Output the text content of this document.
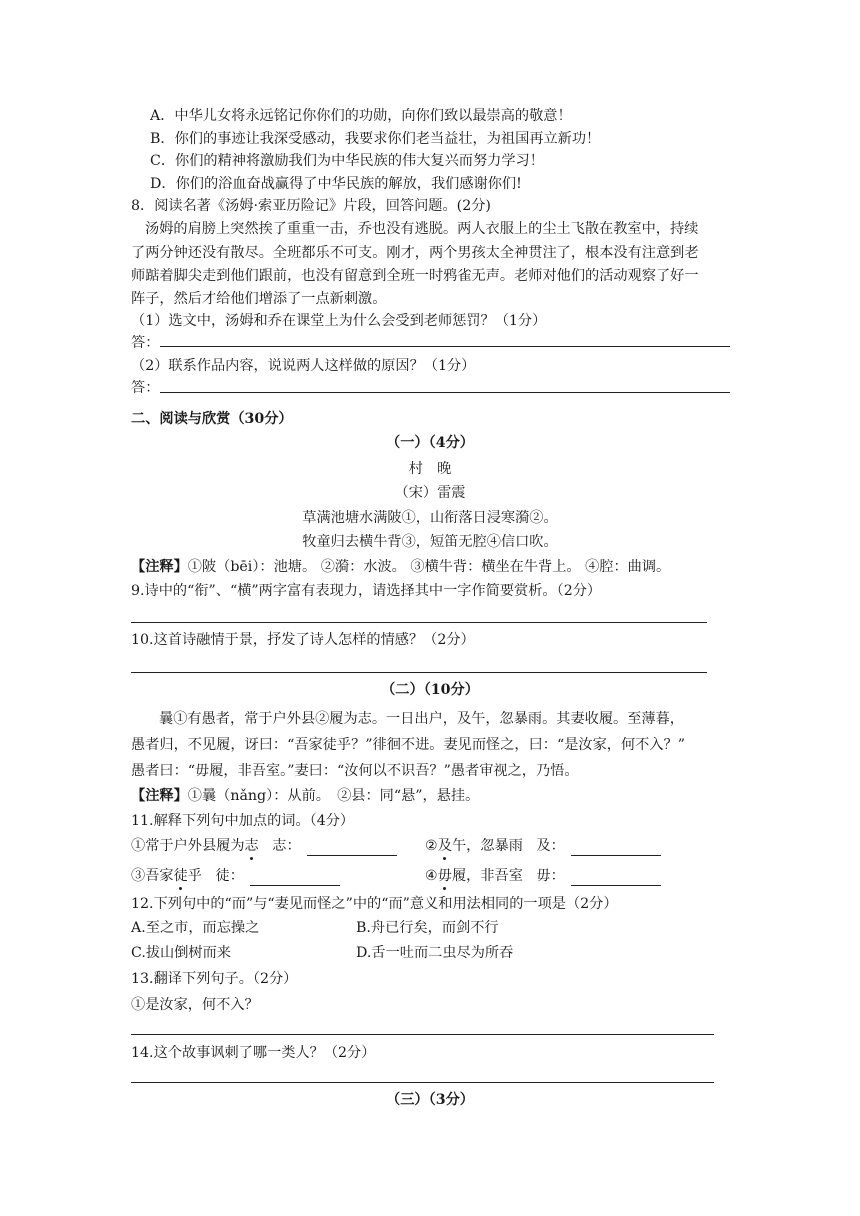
A．中华儿女将永远铭记你你们的功勋，向你们致以最崇高的敬意！
B．你们的事迹让我深受感动，我要求你们老当益壮，为祖国再立新功！
C．你们的精神将激励我们为中华民族的伟大复兴而努力学习！
D．你们的浴血奋战赢得了中华民族的解放，我们感谢你们!
8．阅读名著《汤姆·索亚历险记》片段，回答问题。(2分)
汤姆的肩膀上突然挨了重重一击，乔也没有逃脱。两人衣服上的尘土飞散在教室中，持续
了两分钟还没有散尽。全班都乐不可支。刚才，两个男孩太全神贯注了，根本没有注意到老
师踮着脚尖走到他们跟前，也没有留意到全班一时鸦雀无声。老师对他们的活动观察了好一
阵子，然后才给他们增添了一点新刺激。
（1）选文中，汤姆和乔在课堂上为什么会受到老师惩罚？（1分）
答：
（2）联系作品内容，说说两人这样做的原因？（1分）
答：
二、阅读与欣赏（30分）
（一）（4分）
村　晚
（宋）雷震
草满池塘水满陂①，山衔落日浸寒漪②。
牧童归去横牛背③，短笛无腔④信口吹。
【注释】①陂（bēi）：池塘。 ②漪：水波。 ③横牛背：横坐在牛背上。 ④腔：曲调。
9.诗中的“衔”、“横”两字富有表现力，请选择其中一字作简要赏析。（2分）
10.这首诗融情于景，抒发了诗人怎样的情感？（2分）
（二）（10分）
曩①有愚者，常于户外县②履为志。一日出户，及午，忽暴雨。其妻收履。至薄暮，
愚者归，不见履，讶曰：“吾家徒乎？”徘徊不进。妻见而怪之，曰：“是汝家，何不入？”
愚者曰：“毋履，非吾室。”妻曰：“汝何以不识吾？”愚者审视之，乃悟。
【注释】①曩（nǎng）：从前。　②县：同“悬”，悬挂。
11.解释下列句中加点的词。（4分）
①常于户外县履为志 志：	②及午，忽暴雨 及：
③吾家徒乎 徒：	④毋履，非吾室 毋：
12.下列句中的“而”与“妻见而怪之”中的“而”意义和用法相同的一项是（2分）
A.至之市，而忘操之	B.舟已行矣，而剑不行
C.拔山倒树而来	D.舌一吐而二虫尽为所吞
13.翻译下列句子。（2分）
①是汝家，何不入？
14.这个故事讽刺了哪一类人？（2分）
（三）（3分）
